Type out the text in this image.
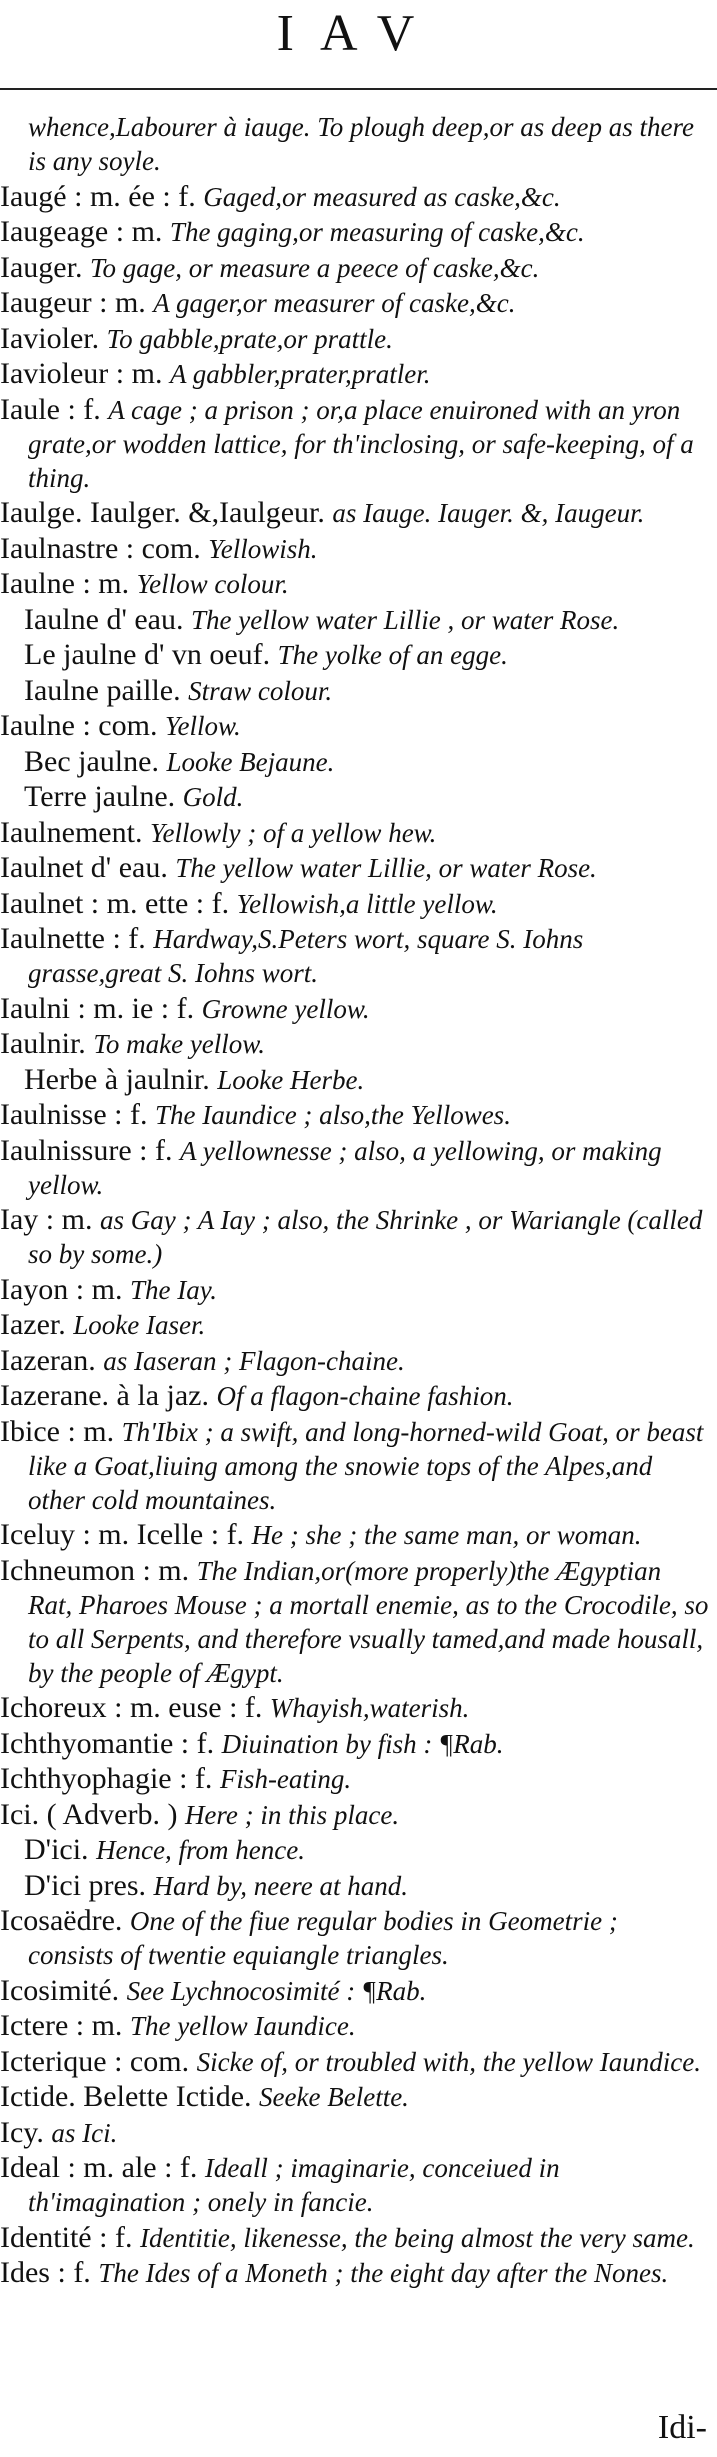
IAV
whence,Labourer à iauge. To plough deep,or as deep as there is any soyle.
Iaugé : m. ée : f. Gaged,or measured as caske,&c.
Iaugeage : m. The gaging,or measuring of caske,&c.
Iauger. To gage, or measure a peece of caske,&c.
Iaugeur : m. A gager,or measurer of caske,&c.
Iavioler. To gabble,prate,or prattle.
Iavioleur : m. A gabbler,prater,pratler.
Iaule : f. A cage ; a prison ; or,a place enuironed with an yron grate,or wodden lattice, for th'inclosing, or safe-keeping, of a thing.
Iaulge. Iaulger. &,Iaulgeur. as Iauge. Iauger. &, Iaugeur.
Iaulnastre : com. Yellowish.
Iaulne : m. Yellow colour.
Iaulne d' eau. The yellow water Lillie , or water Rose.
Le jaulne d' vn oeuf. The yolke of an egge.
Iaulne paille. Straw colour.
Iaulne : com. Yellow.
Bec jaulne. Looke Bejaune.
Terre jaulne. Gold.
Iaulnement. Yellowly ; of a yellow hew.
Iaulnet d' eau. The yellow water Lillie, or water Rose.
Iaulnet : m. ette : f. Yellowish,a little yellow.
Iaulnette : f. Hardway,S.Peters wort, square S. Iohns grasse,great S. Iohns wort.
Iaulni : m. ie : f. Growne yellow.
Iaulnir. To make yellow.
Herbe à jaulnir. Looke Herbe.
Iaulnisse : f. The Iaundice ; also,the Yellowes.
Iaulnissure : f. A yellownesse ; also, a yellowing, or making yellow.
Iay : m. as Gay ; A Iay ; also, the Shrinke , or Wariangle (called so by some.)
Iayon : m. The Iay.
Iazer. Looke Iaser.
Iazeran. as Iaseran ; Flagon-chaine.
Iazerane. à la jaz. Of a flagon-chaine fashion.
Ibice : m. Th'Ibix ; a swift, and long-horned-wild Goat, or beast like a Goat,liuing among the snowie tops of the Alpes,and other cold mountaines.
Iceluy : m. Icelle : f. He ; she ; the same man, or woman.
Ichneumon : m. The Indian,or(more properly)the Ægyptian Rat, Pharoes Mouse ; a mortall enemie, as to the Crocodile, so to all Serpents, and therefore vsually tamed,and made housall, by the people of Ægypt.
Ichoreux : m. euse : f. Whayish,waterish.
Ichthyomantie : f. Diuination by fish : ¶Rab.
Ichthyophagie : f. Fish-eating.
Ici. ( Adverb. ) Here ; in this place.
D'ici. Hence, from hence.
D'ici pres. Hard by, neere at hand.
Icosaëdre. One of the fiue regular bodies in Geometrie ; consists of twentie equiangle triangles.
Icosimité. See Lychnocosimité : ¶Rab.
Ictere : m. The yellow Iaundice.
Icterique : com. Sicke of, or troubled with, the yellow Iaundice.
Ictide. Belette Ictide. Seeke Belette.
Icy. as Ici.
Ideal : m. ale : f. Ideall ; imaginarie, conceiued in th'imagination ; onely in fancie.
Identité : f. Identitie, likenesse, the being almost the very same.
Ides : f. The Ides of a Moneth ; the eight day after the Nones.
Idi-
